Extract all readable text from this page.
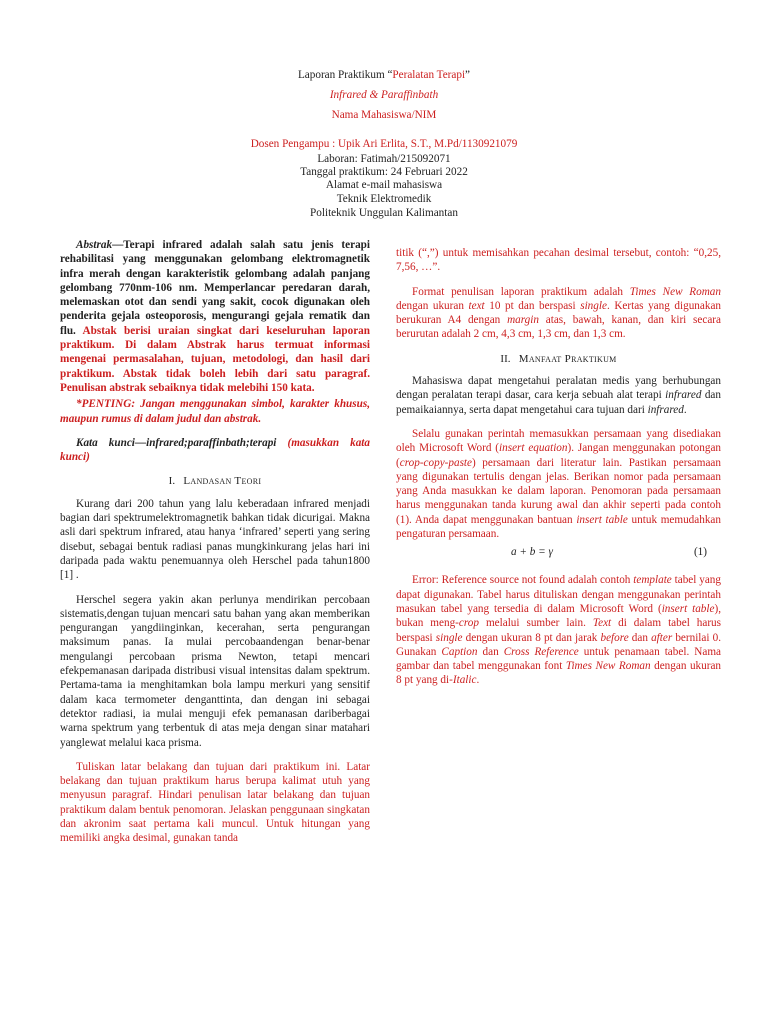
Laporan Praktikum “Peralatan Terapi”
Infrared & Paraffinbath
Nama Mahasiswa/NIM
Dosen Pengampu : Upik Ari Erlita, S.T., M.Pd/1130921079
Laboran: Fatimah/215092071
Tanggal praktikum: 24 Februari 2022
Alamat e-mail mahasiswa
Teknik Elektromedik
Politeknik Unggulan Kalimantan

Abstrak—Terapi infrared adalah salah satu jenis terapi rehabilitasi yang menggunakan gelombang elektromagnetik infra merah dengan karakteristik gelombang adalah panjang gelombang 770nm-106 nm. Memperlancar peredaran darah, melemaskan otot dan sendi yang sakit, cocok digunakan oleh penderita gejala osteoporosis, mengurangi gejala rematik dan flu. Abstak berisi uraian singkat dari keseluruhan laporan praktikum. Di dalam Abstrak harus termuat informasi mengenai permasalahan, tujuan, metodologi, dan hasil dari praktikum. Abstak tidak boleh lebih dari satu paragraf. Penulisan abstrak sebaiknya tidak melebihi 150 kata.

*PENTING: Jangan menggunakan simbol, karakter khusus, maupun rumus di dalam judul dan abstrak.

Kata kunci—infrared;paraffinbath;terapi (masukkan kata kunci)

I. Landasan Teori

Kurang dari 200 tahun yang lalu keberadaan infrared menjadi bagian dari spektrumelektromagnetik bahkan tidak dicurigai. Makna asli dari spektrum infrared, atau hanya ‘infrared’ seperti yang sering disebut, sebagai bentuk radiasi panas mungkinkurang jelas hari ini daripada pada waktu penemuannya oleh Herschel pada tahun1800 [1] .

Herschel segera yakin akan perlunya mendirikan percobaan sistematis,dengan tujuan mencari satu bahan yang akan memberikan pengurangan yangdiinginkan, kecerahan, serta pengurangan maksimum panas. Ia mulai percobaandengan benar-benar mengulangi percobaan prisma Newton, tetapi mencari efekpemanasan daripada distribusi visual intensitas dalam spektrum. Pertama-tama ia menghitamkan bola lampu merkuri yang sensitif dalam kaca termometer denganttinta, dan dengan ini sebagai detektor radiasi, ia mulai menguji efek pemanasan dariberbagai warna spektrum yang terbentuk di atas meja dengan sinar matahari yanglewat melalui kaca prisma.

Tuliskan latar belakang dan tujuan dari praktikum ini. Latar belakang dan tujuan praktikum harus berupa kalimat utuh yang menyusun paragraf. Hindari penulisan latar belakang dan tujuan praktikum dalam bentuk penomoran. Jelaskan penggunaan singkatan dan akronim saat pertama kali muncul. Untuk hitungan yang memiliki angka desimal, gunakan tanda

titik (“,”) untuk memisahkan pecahan desimal tersebut, contoh: “0,25, 7,56, …”.

Format penulisan laporan praktikum adalah Times New Roman dengan ukuran text 10 pt dan berspasi single. Kertas yang digunakan berukuran A4 dengan margin atas, bawah, kanan, dan kiri secara berurutan adalah 2 cm, 4,3 cm, 1,3 cm, dan 1,3 cm.

II. Manfaat Praktikum

Mahasiswa dapat mengetahui peralatan medis yang berhubungan dengan peralatan terapi dasar, cara kerja sebuah alat terapi infrared dan pemaikaiannya, serta dapat mengetahui cara tujuan dari infrared.

Selalu gunakan perintah memasukkan persamaan yang disediakan oleh Microsoft Word (insert equation). Jangan menggunakan potongan (crop-copy-paste) persamaan dari literatur lain. Pastikan persamaan yang digunakan tertulis dengan jelas. Berikan nomor pada persamaan yang Anda masukkan ke dalam laporan. Penomoran pada persamaan harus menggunakan tanda kurung awal dan akhir seperti pada contoh (1). Anda dapat menggunakan bantuan insert table untuk memudahkan pengaturan persamaan.

a + b = γ	(1)

Error: Reference source not found adalah contoh template tabel yang dapat digunakan. Tabel harus dituliskan dengan menggunakan perintah masukan tabel yang tersedia di dalam Microsoft Word (insert table), bukan meng-crop melalui sumber lain. Text di dalam tabel harus berspasi single dengan ukuran 8 pt dan jarak before dan after bernilai 0. Gunakan Caption dan Cross Reference untuk penamaan tabel. Nama gambar dan tabel menggunakan font Times New Roman dengan ukuran 8 pt yang di-Italic.
